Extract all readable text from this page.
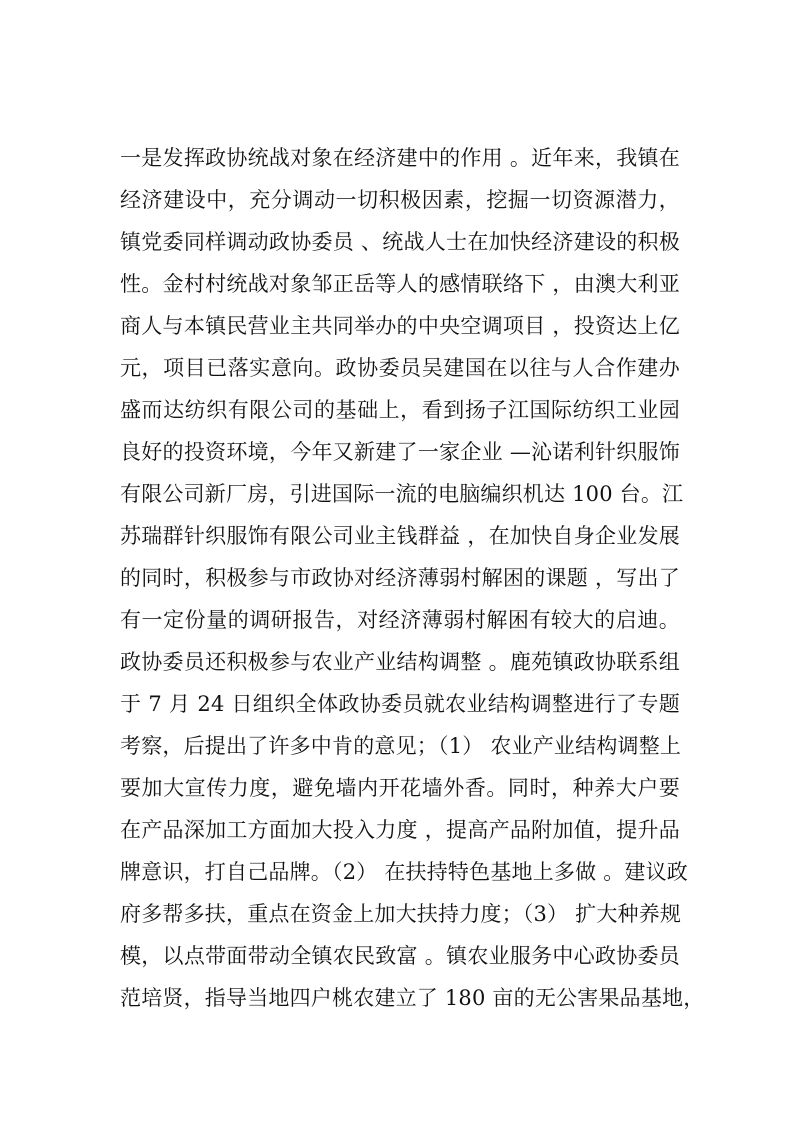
一是发挥政协统战对象在经济建中的作用 。近年来，我镇在
经济建设中，充分调动一切积极因素，挖掘一切资源潜力，
镇党委同样调动政协委员 、统战人士在加快经济建设的积极
性。金村村统战对象邹正岳等人的感情联络下 ，由澳大利亚
商人与本镇民营业主共同举办的中央空调项目 ，投资达上亿
元，项目已落实意向。政协委员吴建国在以往与人合作建办
盛而达纺织有限公司的基础上，看到扬子江国际纺织工业园
良好的投资环境，今年又新建了一家企业 —沁诺利针织服饰
有限公司新厂房，引进国际一流的电脑编织机达 100 台。江
苏瑞群针织服饰有限公司业主钱群益 ，在加快自身企业发展
的同时，积极参与市政协对经济薄弱村解困的课题 ，写出了
有一定份量的调研报告，对经济薄弱村解困有较大的启迪。
政协委员还积极参与农业产业结构调整 。鹿苑镇政协联系组
于 7 月 24 日组织全体政协委员就农业结构调整进行了专题
考察，后提出了许多中肯的意见；（1） 农业产业结构调整上
要加大宣传力度，避免墙内开花墙外香。同时，种养大户要
在产品深加工方面加大投入力度 ，提高产品附加值，提升品
牌意识，打自己品牌。（2） 在扶持特色基地上多做 。建议政
府多帮多扶，重点在资金上加大扶持力度；（3） 扩大种养规
模，以点带面带动全镇农民致富 。镇农业服务中心政协委员
范培贤，指导当地四户桃农建立了 180 亩的无公害果品基地，
